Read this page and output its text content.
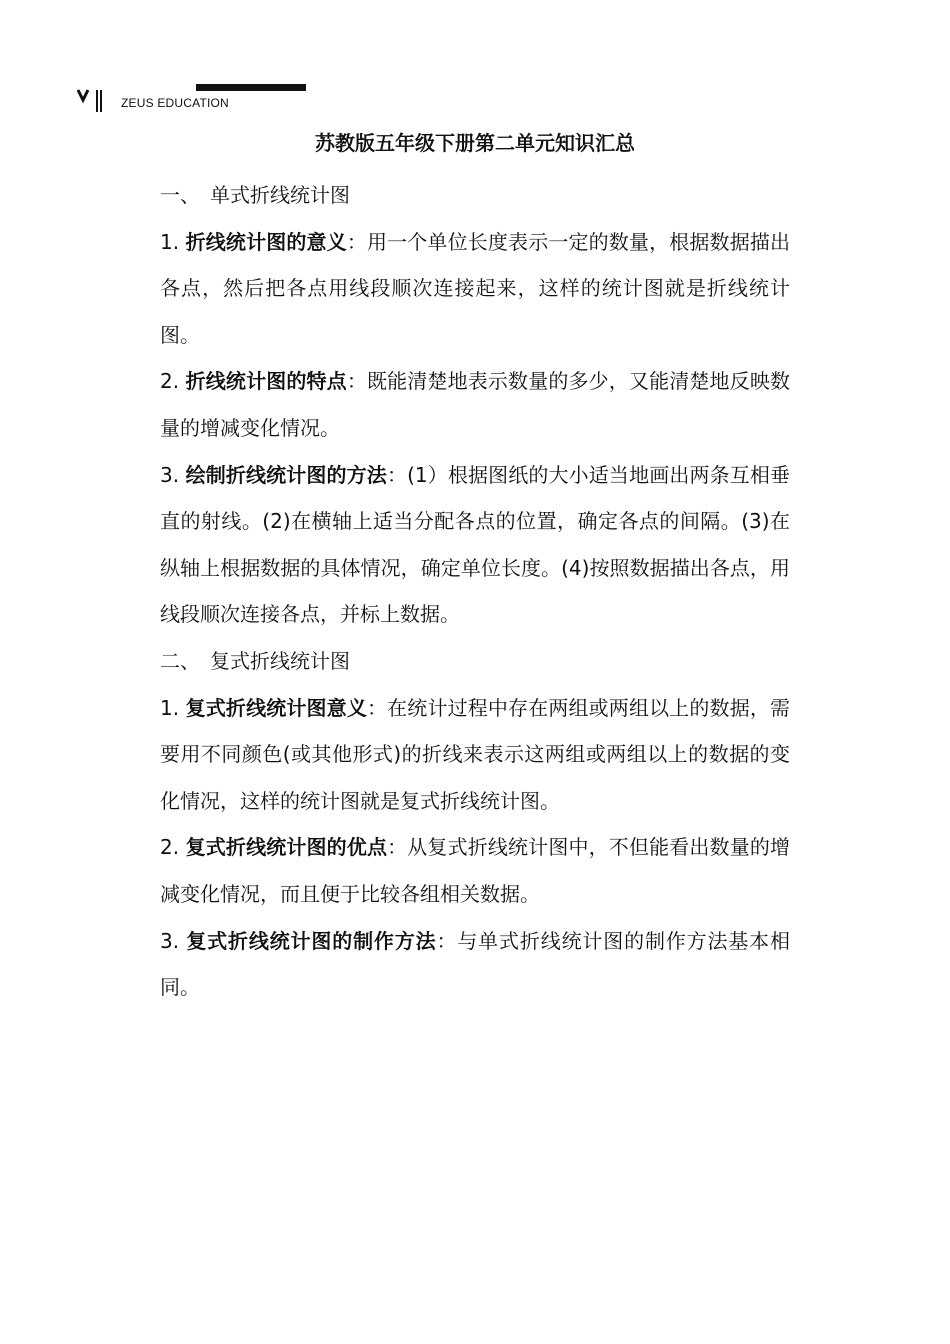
ZEUS EDUCATION
苏教版五年级下册第二单元知识汇总
一、 单式折线统计图

1. 折线统计图的意义：用一个单位长度表示一定的数量，根据数据描出各点，然后把各点用线段顺次连接起来，这样的统计图就是折线统计图。

2. 折线统计图的特点：既能清楚地表示数量的多少，又能清楚地反映数量的增减变化情况。

3. 绘制折线统计图的方法：(1）根据图纸的大小适当地画出两条互相垂直的射线。(2)在横轴上适当分配各点的位置，确定各点的间隔。(3)在纵轴上根据数据的具体情况，确定单位长度。(4)按照数据描出各点，用线段顺次连接各点，并标上数据。

二、 复式折线统计图

1. 复式折线统计图意义：在统计过程中存在两组或两组以上的数据，需要用不同颜色(或其他形式)的折线来表示这两组或两组以上的数据的变化情况，这样的统计图就是复式折线统计图。

2. 复式折线统计图的优点：从复式折线统计图中，不但能看出数量的增减变化情况，而且便于比较各组相关数据。

3. 复式折线统计图的制作方法：与单式折线统计图的制作方法基本相同。
